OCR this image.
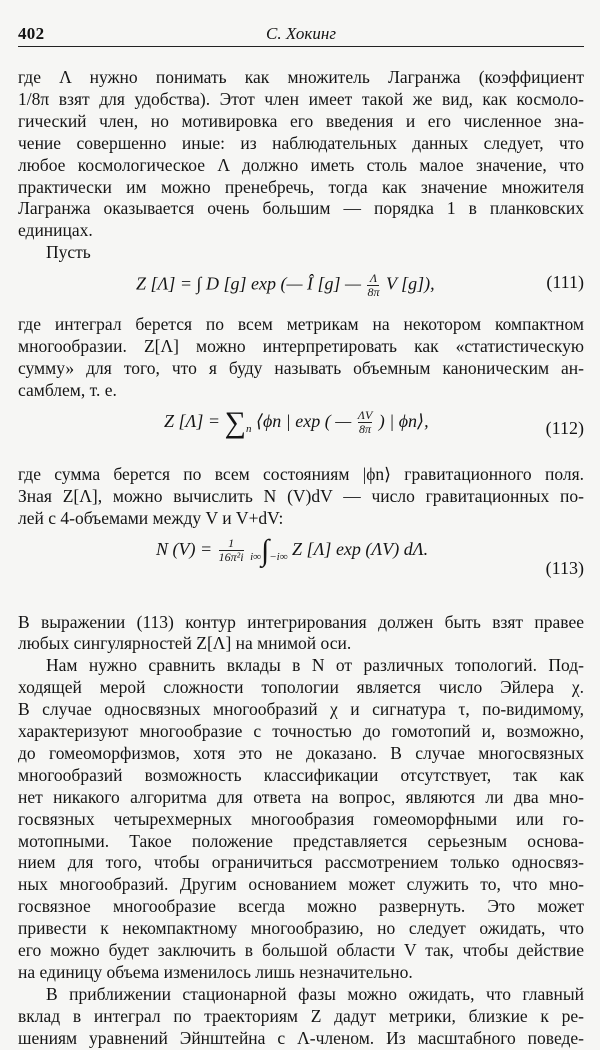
402	С. Хокинг

где Λ нужно понимать как множитель Лагранжа (коэффициент
1/8π взят для удобства). Этот член имеет такой же вид, как космоло-
гический член, но мотивировка его введения и его численное зна-
чение совершенно иные: из наблюдательных данных следует, что
любое космологическое Λ должно иметь столь малое значение, что
практически им можно пренебречь, тогда как значение множителя
Лагранжа оказывается очень большим — порядка 1 в планковских
единицах.

Пусть

Z [Λ] = ∫ D [g] exp (— Î [g] — $\frac{\Lambda}{8\pi}$ V [g]),	(111)

где интеграл берется по всем метрикам на некотором компактном
многообразии. Z[Λ] можно интерпретировать как «статистическую
сумму» для того, что я буду называть объемным каноническим ан-
самблем, т. е.

Z [Λ] = ∑n ⟨ϕn | exp ( — $\frac{\Lambda V}{8\pi}$ ) | ϕn⟩,	(112)

где сумма берется по всем состояниям |ϕn⟩ гравитационного поля.
Зная Z[Λ], можно вычислить N (V)dV — число гравитационных по-
лей с 4-объемами между V и V+dV:

N $(V) = \frac{1}{\text{16π²i}} i\infty\int-i\infty$ Z [Λ] exp (ΛV) dΛ.
(113)

В выражении (113) контур интегрирования должен быть взят правее
любых сингулярностей Z[Λ] на мнимой оси.

Нам нужно сравнить вклады в N от различных топологий. Под-
ходящей мерой сложности топологии является число Эйлера χ.
В случае односвязных многообразий χ и сигнатура τ, по-видимому,
характеризуют многообразие с точностью до гомотопий и, возможно,
до гомеоморфизмов, хотя это не доказано. В случае многосвязных
многообразий возможность классификации отсутствует, так как
нет никакого алгоритма для ответа на вопрос, являются ли два мно-
госвязных четырехмерных многообразия гомеоморфными или го-
мотопными. Такое положение представляется серьезным основа-
нием для того, чтобы ограничиться рассмотрением только односвяз-
ных многообразий. Другим основанием может служить то, что мно-
госвязное многообразие всегда можно развернуть. Это может
привести к некомпактному многообразию, но следует ожидать, что
его можно будет заключить в большой области V так, чтобы действие
на единицу объема изменилось лишь незначительно.

В приближении стационарной фазы можно ожидать, что главный
вклад в интеграл по траекториям Z дадут метрики, близкие к ре-
шениям уравнений Эйнштейна с Λ-членом. Из масштабного поведе-
